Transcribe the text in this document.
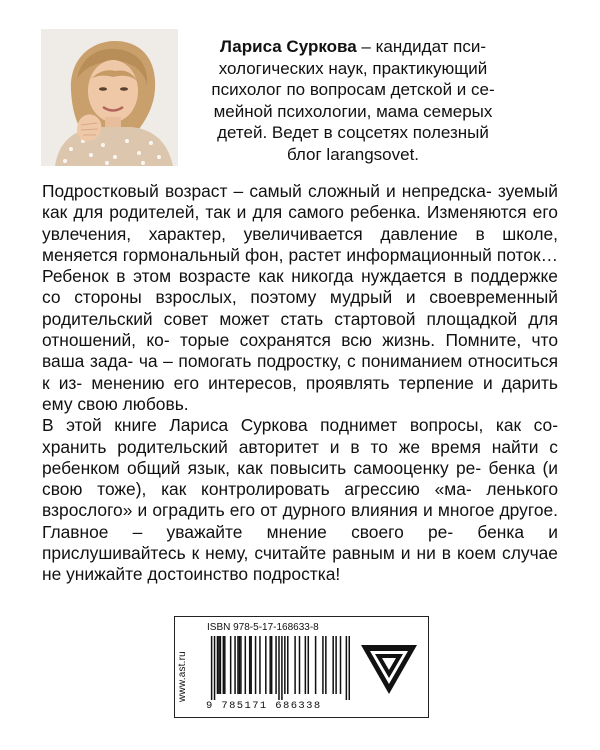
Лариса Суркова – кандидат пси-
хологических наук, практикующий
психолог по вопросам детской и се-
мейной психологии, мама семерых
детей. Ведет в соцсетях полезный
блог larangsovet.

Подростковый возраст – самый сложный и непредска- зуемый как для родителей, так и для самого ребенка. Изменяются его увлечения, характер, увеличивается давление в школе, меняется гормональный фон, растет информационный поток… Ребенок в этом возрасте как никогда нуждается в поддержке со стороны взрослых, поэтому мудрый и своевременный родительский совет может стать стартовой площадкой для отношений, ко- торые сохранятся всю жизнь. Помните, что ваша зада- ча – помогать подростку, с пониманием относиться к из- менению его интересов, проявлять терпение и дарить ему свою любовь.

В этой книге Лариса Суркова поднимет вопросы, как со- хранить родительский авторитет и в то же время найти с ребенком общий язык, как повысить самооценку ре- бенка (и свою тоже), как контролировать агрессию «ма- ленького взрослого» и оградить его от дурного влияния и многое другое. Главное – уважайте мнение своего ре- бенка и прислушивайтесь к нему, считайте равным и ни в коем случае не унижайте достоинство подростка!

www.ast.ru
ISBN 978-5-17-168633-8
9 785171 686338
